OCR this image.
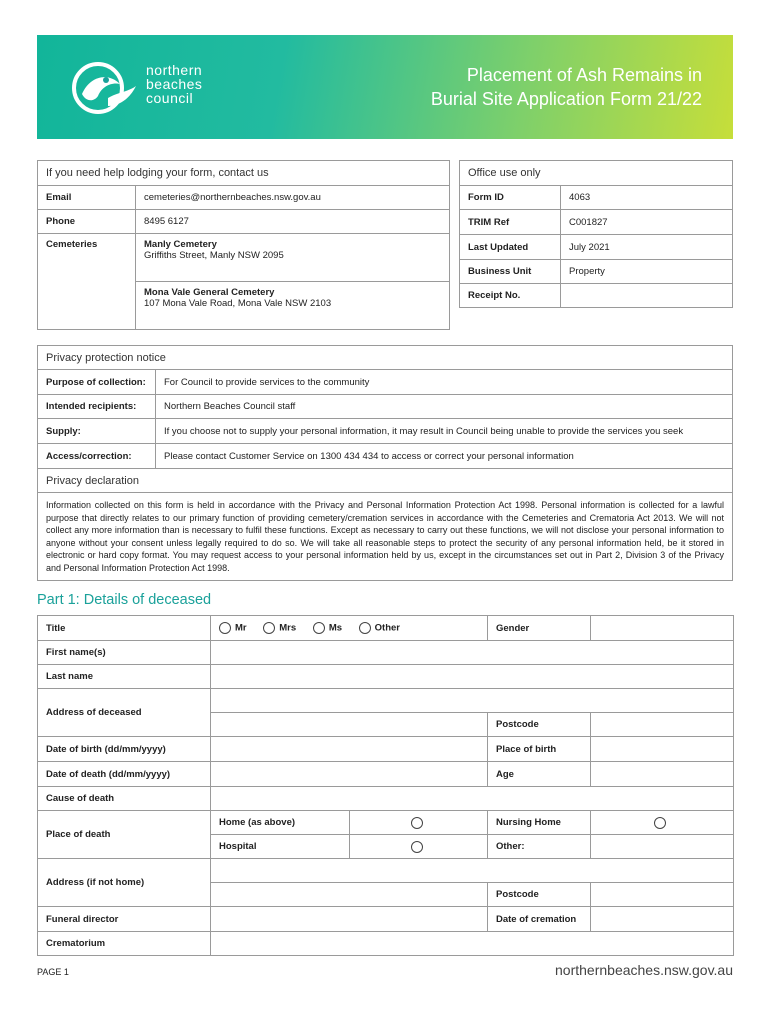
northern
beaches
council
Placement of Ash Remains in
Burial Site Application Form 21/22
If you need help lodging your form, contact us	
Email	cemeteries@northernbeaches.nsw.gov.au
Phone	8495 6127
Cemeteries	Manly Cemetery
Griffiths Street, Manly NSW 2095

	Mona Vale General Cemetery
107 Mona Vale Road, Mona Vale NSW 2103
Office use only	
Form ID	4063
TRIM Ref	C001827
Last Updated	July 2021
Business Unit	Property
Receipt No.	
Privacy protection notice	
Purpose of collection:	For Council to provide services to the community
Intended recipients:	Northern Beaches Council staff
Supply:	If you choose not to supply your personal information, it may result in Council being unable to provide the services you seek
Access/correction:	Please contact Customer Service on 1300 434 434 to access or correct your personal information
Privacy declaration	
Information collected on this form is held in accordance with the Privacy and Personal Information Protection Act 1998. Personal information is collected for a lawful purpose that directly relates to our primary function of providing cemetery/cremation services in accordance with the Cemeteries and Crematoria Act 2013. We will not collect any more information than is necessary to fulfil these functions. Except as necessary to carry out these functions, we will not disclose your personal information to anyone without your consent unless legally required to do so. We will take all reasonable steps to protect the security of any personal information held, be it stored in electronic or hard copy format. You may request access to your personal information held by us, except in the circumstances set out in Part 2, Division 3 of the Privacy and Personal Information Protection Act 1998.	
Part 1: Details of deceased
Title	Mr Mrs Ms Other		Gender	
First name(s)				
Last name				
Address of deceased				
			Postcode	
Date of birth (dd/mm/yyyy)			Place of birth	
Date of death (dd/mm/yyyy)			Age	
Cause of death				
Place of death	Home (as above)		Nursing Home	
	Hospital		Other:	
Address (if not home)				
			Postcode	
Funeral director			Date of cremation	
Crematorium				
PAGE 1	northernbeaches.nsw.gov.au
